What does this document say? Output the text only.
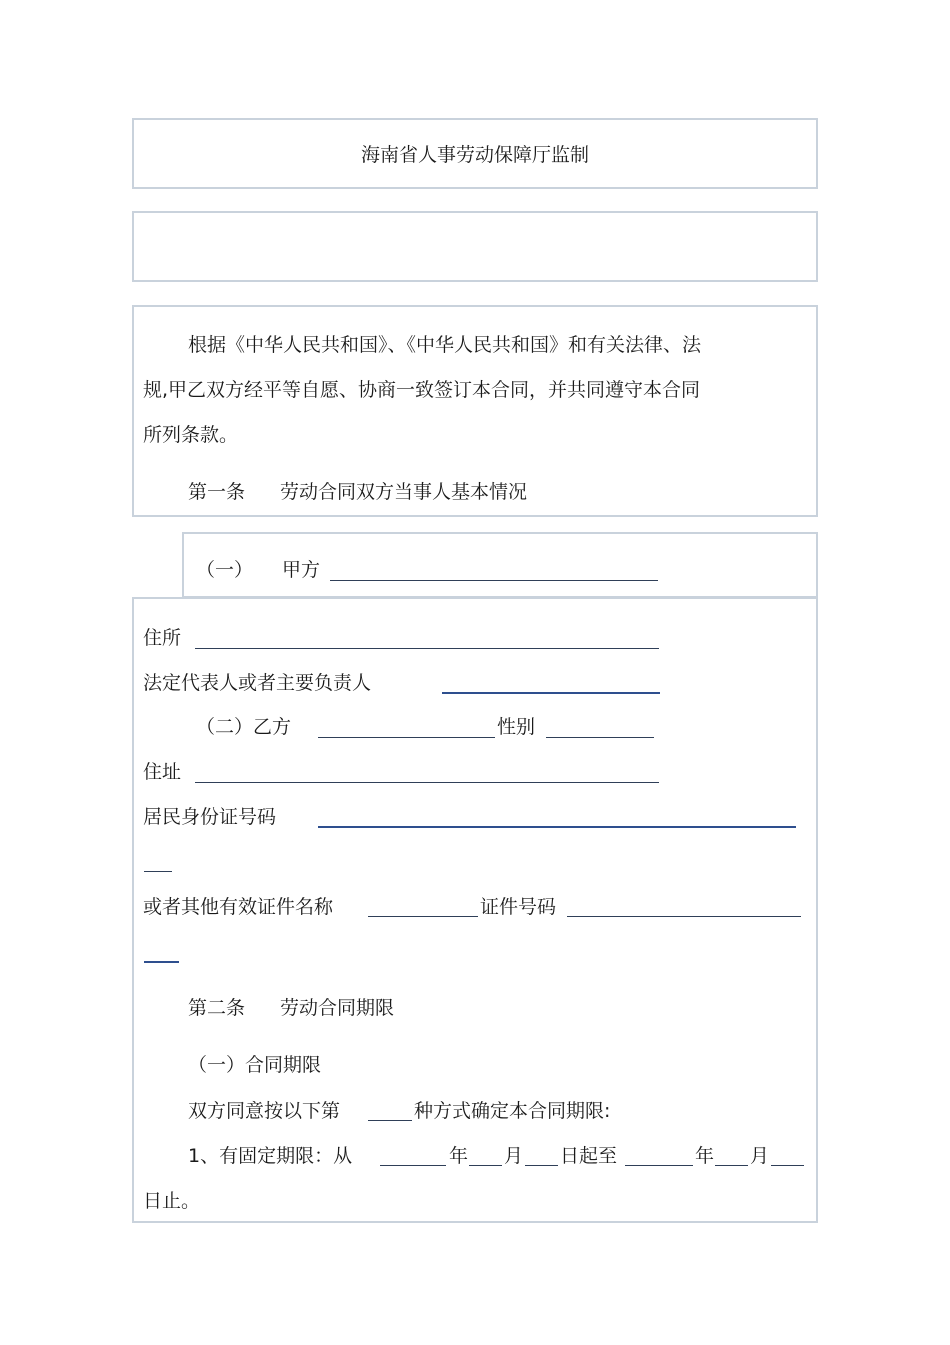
海南省人事劳动保障厅监制
根据《中华人民共和国》、《中华人民共和国》和有关法律、法
规,甲乙双方经平等自愿、协商一致签订本合同，并共同遵守本合同
所列条款。
第一条 劳动合同双方当事人基本情况
（一） 甲方
住所
法定代表人或者主要负责人
（二）乙方	性别
住址
居民身份证号码
或者其他有效证件名称	证件号码
第二条 劳动合同期限
（一）合同期限
双方同意按以下第	种方式确定本合同期限:
1、有固定期限：从	年 月 日起至	年 月
日止。
